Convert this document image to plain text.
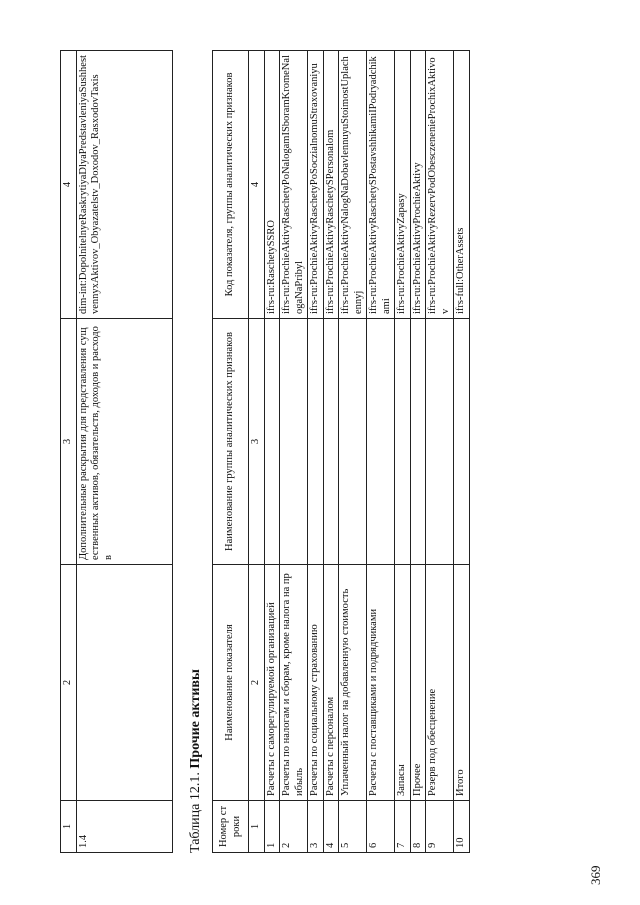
1	2	3	4
1.4		Дополнительные раскрытия для представления существенных активов, обязательств, доходов и расходов	dim-int:DopolnitelnyeRaskrytiyaDlyaPredstavleniyaSushhestvennyxAktivov_Obyazatelstv_Doxodov_RasxodovTaxis
Таблица 12.1. Прочие активы
Номер строки	Наименование показателя	Наименование группы аналитических признаков	Код показателя, группы аналитических признаков
1	2	3	4
1	Расчеты с саморегулируемой организацией		ifrs-ru:RaschetySSRO
2	Расчеты по налогам и сборам, кроме налога на прибыль		ifrs-ru:ProchieAktivyRaschetyPoNalogamISboramKromeNalogaNaPribyl
3	Расчеты по социальному страхованию		ifrs-ru:ProchieAktivyRaschetyPoSoczialnomuStraxovaniyu
4	Расчеты с персоналом		ifrs-ru:ProchieAktivyRaschetySPersonalom
5	Уплаченный налог на добавленную стоимость		ifrs-ru:ProchieAktivyNalogNaDobavlennuyuStoimostUplachennyj
6	Расчеты с поставщиками и подрядчиками		ifrs-ru:ProchieAktivyRaschetySPostavshhikamiIPodryadchikami
7	Запасы		ifrs-ru:ProchieAktivyZapasy
8	Прочее		ifrs-ru:ProchieAktivyProchieAktivy
9	Резерв под обесценение		ifrs-ru:ProchieAktivyRezervPodObesczenenieProchixAktivov
10	Итого		ifrs-full:OtherAssets
369
